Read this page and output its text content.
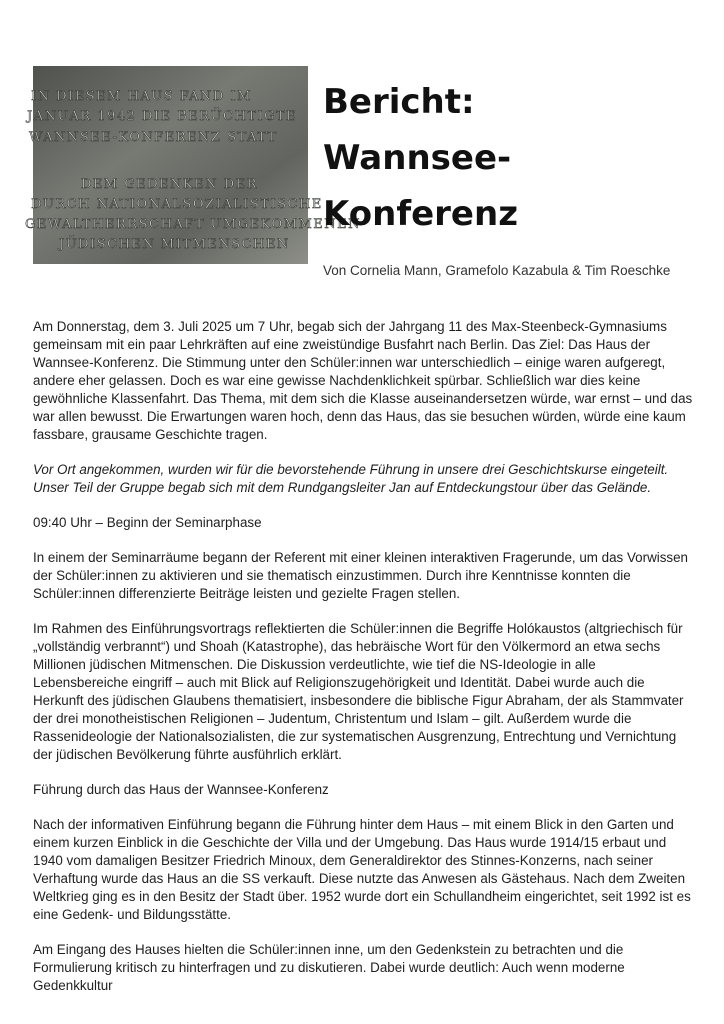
IN DIESEM HAUS FAND IM
JANUAR 1942 DIE BERÜCHTIGTE
WANNSEE-KONFERENZ STATT
DEM GEDENKEN DER
DURCH NATIONALSOZIALISTISCHE
GEWALTHERRSCHAFT UMGEKOMMENEN
JÜDISCHEN MITMENSCHEN
Bericht:
Wannsee-
Konferenz
Von Cornelia Mann, Gramefolo Kazabula & Tim Roeschke

Am Donnerstag, dem 3. Juli 2025 um 7 Uhr, begab sich der Jahrgang 11 des Max-Steenbeck-Gymnasiums gemeinsam mit ein paar Lehrkräften auf eine zweistündige Busfahrt nach Berlin. Das Ziel: Das Haus der Wannsee-Konferenz. Die Stimmung unter den Schüler:innen war unterschiedlich – einige waren aufgeregt, andere eher gelassen. Doch es war eine gewisse Nachdenklichkeit spürbar. Schließlich war dies keine gewöhnliche Klassenfahrt. Das Thema, mit dem sich die Klasse auseinandersetzen würde, war ernst – und das war allen bewusst. Die Erwartungen waren hoch, denn das Haus, das sie besuchen würden, würde eine kaum fassbare, grausame Geschichte tragen.

Vor Ort angekommen, wurden wir für die bevorstehende Führung in unsere drei Geschichtskurse eingeteilt. Unser Teil der Gruppe begab sich mit dem Rundgangsleiter Jan auf Entdeckungstour über das Gelände.

09:40 Uhr – Beginn der Seminarphase

In einem der Seminarräume begann der Referent mit einer kleinen interaktiven Fragerunde, um das Vorwissen der Schüler:innen zu aktivieren und sie thematisch einzustimmen. Durch ihre Kenntnisse konnten die Schüler:innen differenzierte Beiträge leisten und gezielte Fragen stellen.

Im Rahmen des Einführungsvortrags reflektierten die Schüler:innen die Begriffe Holókaustos (altgriechisch für „vollständig verbrannt“) und Shoah (Katastrophe), das hebräische Wort für den Völkermord an etwa sechs Millionen jüdischen Mitmenschen. Die Diskussion verdeutlichte, wie tief die NS-Ideologie in alle Lebensbereiche eingriff – auch mit Blick auf Religionszugehörigkeit und Identität. Dabei wurde auch die Herkunft des jüdischen Glaubens thematisiert, insbesondere die biblische Figur Abraham, der als Stammvater der drei monotheistischen Religionen – Judentum, Christentum und Islam – gilt. Außerdem wurde die Rassenideologie der Nationalsozialisten, die zur systematischen Ausgrenzung, Entrechtung und Vernichtung der jüdischen Bevölkerung führte ausführlich erklärt.

Führung durch das Haus der Wannsee-Konferenz

Nach der informativen Einführung begann die Führung hinter dem Haus – mit einem Blick in den Garten und einem kurzen Einblick in die Geschichte der Villa und der Umgebung. Das Haus wurde 1914/15 erbaut und 1940 vom damaligen Besitzer Friedrich Minoux, dem Generaldirektor des Stinnes-Konzerns, nach seiner Verhaftung wurde das Haus an die SS verkauft. Diese nutzte das Anwesen als Gästehaus. Nach dem Zweiten Weltkrieg ging es in den Besitz der Stadt über. 1952 wurde dort ein Schullandheim eingerichtet, seit 1992 ist es eine Gedenk- und Bildungsstätte.

Am Eingang des Hauses hielten die Schüler:innen inne, um den Gedenkstein zu betrachten und die Formulierung kritisch zu hinterfragen und zu diskutieren. Dabei wurde deutlich: Auch wenn moderne Gedenkkultur
